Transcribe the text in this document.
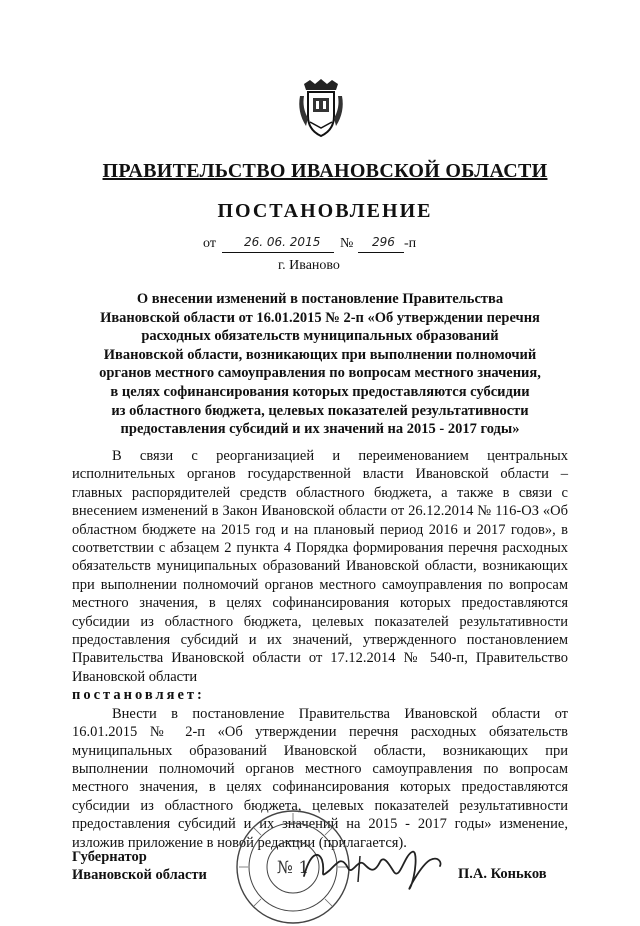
ПРАВИТЕЛЬСТВО ИВАНОВСКОЙ ОБЛАСТИ
ПОСТАНОВЛЕНИЕ
от 26. 06. 2015 № 296 -п
г. Иваново
О внесении изменений в постановление Правительства
Ивановской области от 16.01.2015 № 2-п «Об утверждении перечня
расходных обязательств муниципальных образований
Ивановской области, возникающих при выполнении полномочий
органов местного самоуправления по вопросам местного значения,
в целях софинансирования которых предоставляются субсидии
из областного бюджета, целевых показателей результативности
предоставления субсидий и их значений на 2015 - 2017 годы»

В связи с реорганизацией и переименованием центральных исполнительных органов государственной власти Ивановской области – главных распорядителей средств областного бюджета, а также в связи с внесением изменений в Закон Ивановской области от 26.12.2014 № 116-ОЗ «Об областном бюджете на 2015 год и на плановый период 2016 и 2017 годов», в соответствии с абзацем 2 пункта 4 Порядка формирования перечня расходных обязательств муниципальных образований Ивановской области, возникающих при выполнении полномочий органов местного самоуправления по вопросам местного значения, в целях софинансирования которых предоставляются субсидии из областного бюджета, целевых показателей результативности предоставления субсидий и их значений, утвержденного постановлением Правительства Ивановской области от 17.12.2014 № 540-п, Правительство Ивановской области

постановляет:

Внести в постановление Правительства Ивановской области от 16.01.2015 № 2-п «Об утверждении перечня расходных обязательств муниципальных образований Ивановской области, возникающих при выполнении полномочий органов местного самоуправления по вопросам местного значения, в целях софинансирования которых предоставляются субсидии из областного бюджета, целевых показателей результативности предоставления субсидий и их значений на 2015 - 2017 годы» изменение, изложив приложение в новой редакции (прилагается).

№ 1
Губернатор
Ивановской области	П.А. Коньков
